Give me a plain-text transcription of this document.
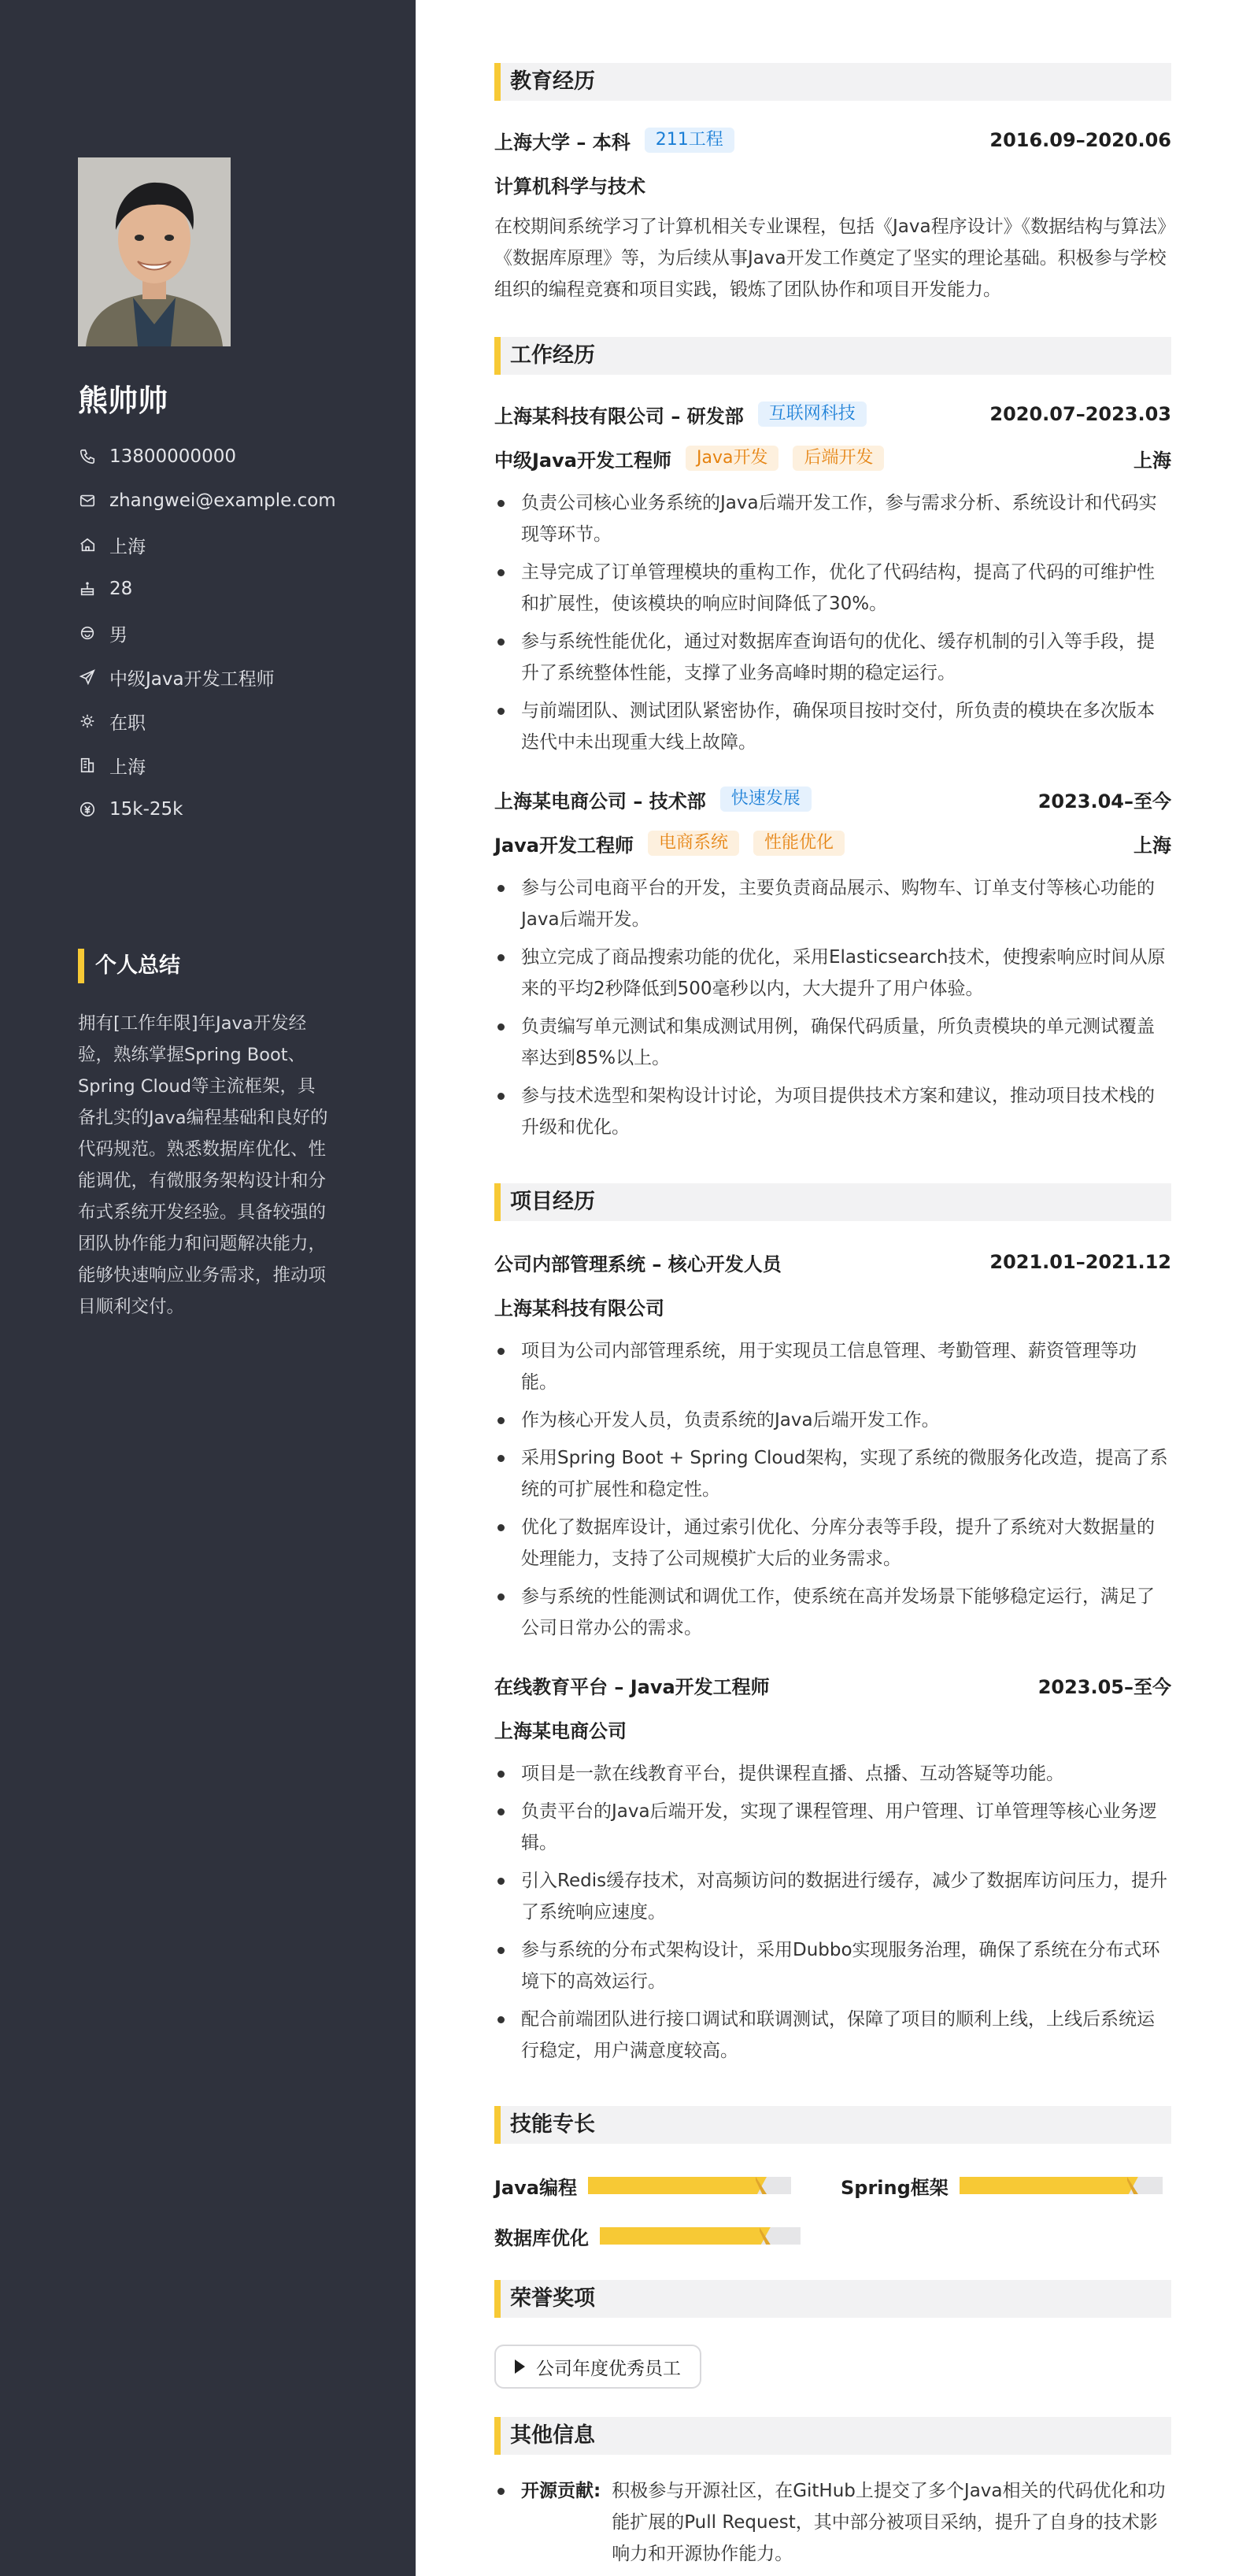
熊帅帅
13800000000
zhangwei@example.com
上海
28
男
中级Java开发工程师
在职
上海
15k-25k
个人总结

拥有[工作年限]年Java开发经验，熟练掌握Spring Boot、Spring Cloud等主流框架，具备扎实的Java编程基础和良好的代码规范。熟悉数据库优化、性能调优，有微服务架构设计和分布式系统开发经验。具备较强的团队协作能力和问题解决能力，能够快速响应业务需求，推动项目顺利交付。

教育经历
上海大学 – 本科	211工程	2016.09–2020.06
计算机科学与技术

在校期间系统学习了计算机相关专业课程，包括《Java程序设计》《数据结构与算法》《数据库原理》等，为后续从事Java开发工作奠定了坚实的理论基础。积极参与学校组织的编程竞赛和项目实践，锻炼了团队协作和项目开发能力。

工作经历
上海某科技有限公司 – 研发部	互联网科技	2020.07–2023.03
中级Java开发工程师	Java开发	后端开发	上海
负责公司核心业务系统的Java后端开发工作，参与需求分析、系统设计和代码实现等环节。
主导完成了订单管理模块的重构工作，优化了代码结构，提高了代码的可维护性和扩展性，使该模块的响应时间降低了30%。
参与系统性能优化，通过对数据库查询语句的优化、缓存机制的引入等手段，提升了系统整体性能，支撑了业务高峰时期的稳定运行。
与前端团队、测试团队紧密协作，确保项目按时交付，所负责的模块在多次版本迭代中未出现重大线上故障。
上海某电商公司 – 技术部	快速发展	2023.04–至今
Java开发工程师	电商系统	性能优化	上海
参与公司电商平台的开发，主要负责商品展示、购物车、订单支付等核心功能的Java后端开发。
独立完成了商品搜索功能的优化，采用Elasticsearch技术，使搜索响应时间从原来的平均2秒降低到500毫秒以内，大大提升了用户体验。
负责编写单元测试和集成测试用例，确保代码质量，所负责模块的单元测试覆盖率达到85%以上。
参与技术选型和架构设计讨论，为项目提供技术方案和建议，推动项目技术栈的升级和优化。
项目经历
公司内部管理系统 – 核心开发人员	2021.01–2021.12
上海某科技有限公司
项目为公司内部管理系统，用于实现员工信息管理、考勤管理、薪资管理等功能。
作为核心开发人员，负责系统的Java后端开发工作。
采用Spring Boot + Spring Cloud架构，实现了系统的微服务化改造，提高了系统的可扩展性和稳定性。
优化了数据库设计，通过索引优化、分库分表等手段，提升了系统对大数据量的处理能力，支持了公司规模扩大后的业务需求。
参与系统的性能测试和调优工作，使系统在高并发场景下能够稳定运行，满足了公司日常办公的需求。
在线教育平台 – Java开发工程师	2023.05–至今
上海某电商公司
项目是一款在线教育平台，提供课程直播、点播、互动答疑等功能。
负责平台的Java后端开发，实现了课程管理、用户管理、订单管理等核心业务逻辑。
引入Redis缓存技术，对高频访问的数据进行缓存，减少了数据库访问压力，提升了系统响应速度。
参与系统的分布式架构设计，采用Dubbo实现服务治理，确保了系统在分布式环境下的高效运行。
配合前端团队进行接口调试和联调测试，保障了项目的顺利上线，上线后系统运行稳定，用户满意度较高。
技能专长
Java编程	Spring框架
数据库优化
荣誉奖项
公司年度优秀员工
其他信息
开源贡献: 积极参与开源社区，在GitHub上提交了多个Java相关的代码优化和功能扩展的Pull Request，其中部分被项目采纳，提升了自身的技术影响力和开源协作能力。
